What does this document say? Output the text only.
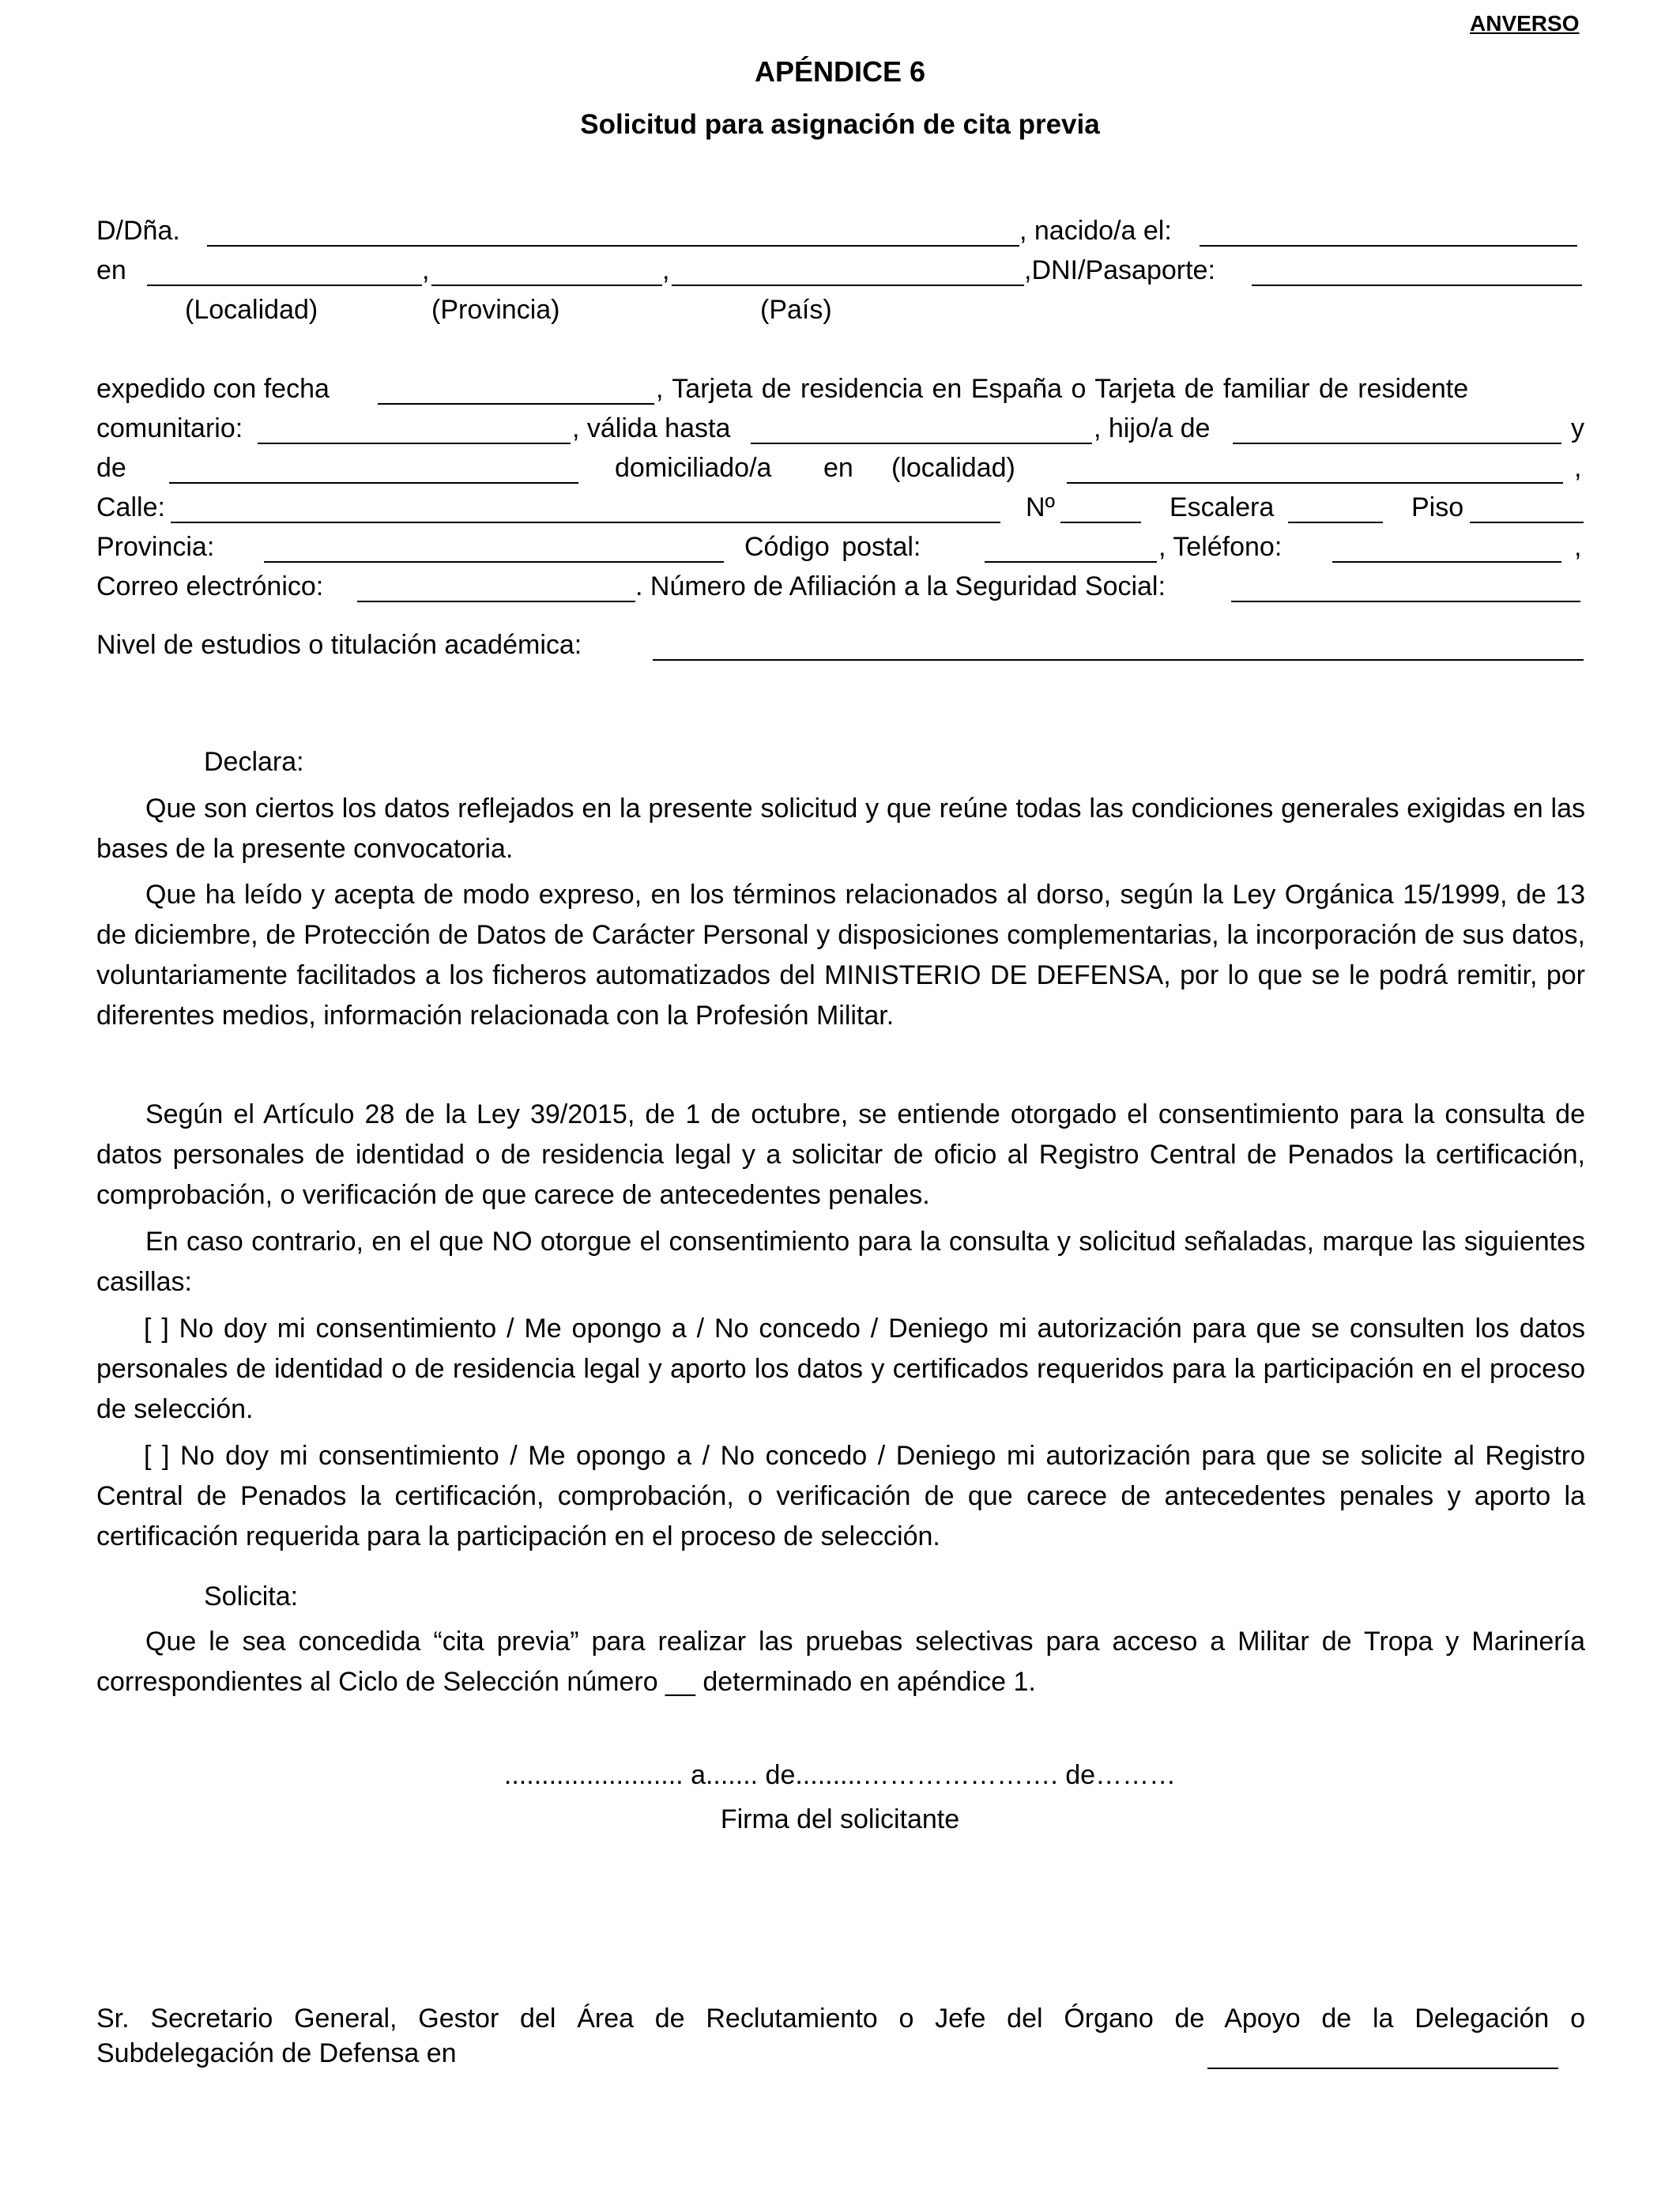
ANVERSO
APÉNDICE 6
Solicitud para asignación de cita previa
D/Dña.	, nacido/a el:
en	,	,	,DNI/Pasaporte:
(Localidad)	(Provincia)	(País)
expedido con fecha	, Tarjeta de residencia en España o Tarjeta de familiar de residente
comunitario:	, válida hasta	, hijo/a de	y
de	domiciliado/a en (localidad)	,
Calle:	Nº	Escalera	Piso
Provincia:	Código postal:	, Teléfono:	,
Correo electrónico:	. Número de Afiliación a la Seguridad Social:
Nivel de estudios o titulación académica:
Declara:

Que son ciertos los datos reflejados en la presente solicitud y que reúne todas las condiciones generales exigidas en las bases de la presente convocatoria.

Que ha leído y acepta de modo expreso, en los términos relacionados al dorso, según la Ley Orgánica 15/1999, de 13 de diciembre, de Protección de Datos de Carácter Personal y disposiciones complementarias, la incorporación de sus datos, voluntariamente facilitados a los ficheros automatizados del MINISTERIO DE DEFENSA, por lo que se le podrá remitir, por diferentes medios, información relacionada con la Profesión Militar.

Según el Artículo 28 de la Ley 39/2015, de 1 de octubre, se entiende otorgado el consentimiento para la consulta de datos personales de identidad o de residencia legal y a solicitar de oficio al Registro Central de Penados la certificación, comprobación, o verificación de que carece de antecedentes penales.

En caso contrario, en el que NO otorgue el consentimiento para la consulta y solicitud señaladas, marque las siguientes casillas:

[ ] No doy mi consentimiento / Me opongo a / No concedo / Deniego mi autorización para que se consulten los datos personales de identidad o de residencia legal y aporto los datos y certificados requeridos para la participación en el proceso de selección.

[ ] No doy mi consentimiento / Me opongo a / No concedo / Deniego mi autorización para que se solicite al Registro Central de Penados la certificación, comprobación, o verificación de que carece de antecedentes penales y aporto la certificación requerida para la participación en el proceso de selección.

Solicita:

Que le sea concedida “cita previa” para realizar las pruebas selectivas para acceso a Militar de Tropa y Marinería correspondientes al Ciclo de Selección número __ determinado en apéndice 1.

........................ a....... de.........…………………. de………
Firma del solicitante
Sr. Secretario General, Gestor del Área de Reclutamiento o Jefe del Órgano de Apoyo de la Delegación o
Subdelegación de Defensa en
